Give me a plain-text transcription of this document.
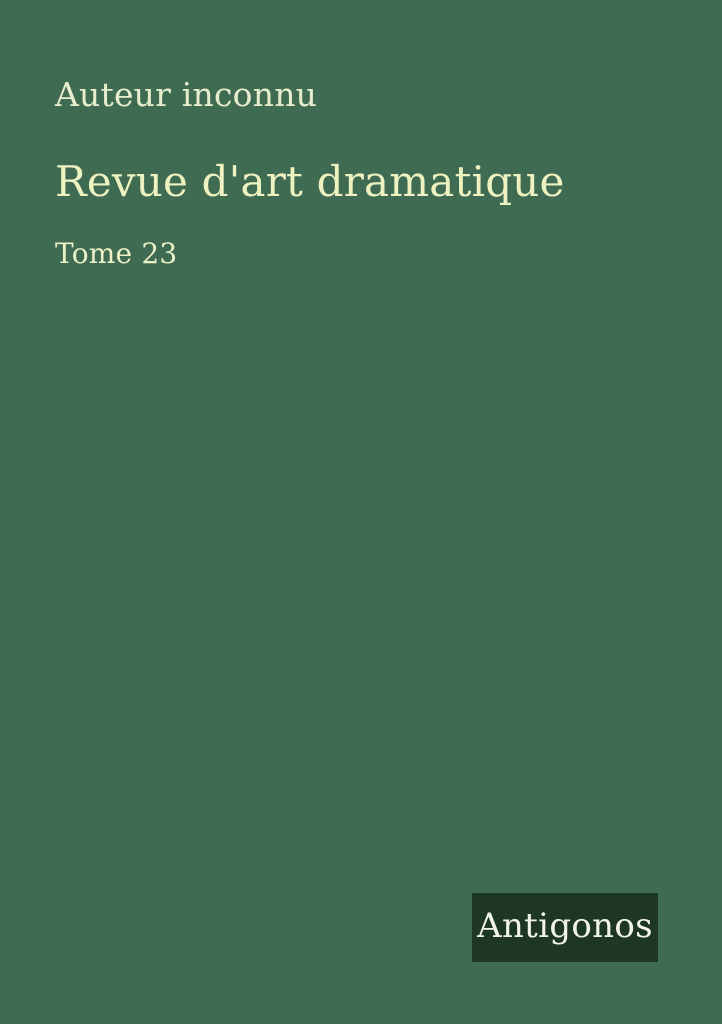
Auteur inconnu
Revue d'art dramatique
Tome 23
Antigonos
